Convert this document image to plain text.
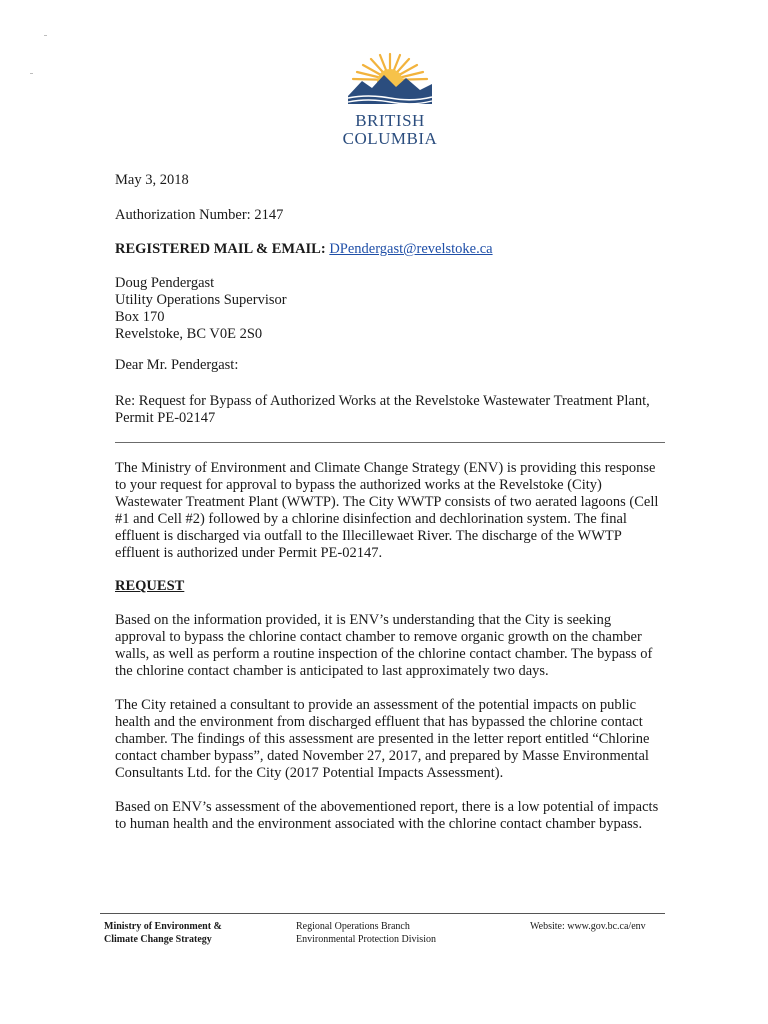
BRITISH
COLUMBIA
May 3, 2018
Authorization Number: 2147
REGISTERED MAIL & EMAIL: DPendergast@revelstoke.ca
Doug Pendergast
Utility Operations Supervisor
Box 170
Revelstoke, BC V0E 2S0
Dear Mr. Pendergast:
Re: Request for Bypass of Authorized Works at the Revelstoke Wastewater Treatment Plant, Permit PE-02147
The Ministry of Environment and Climate Change Strategy (ENV) is providing this response to your request for approval to bypass the authorized works at the Revelstoke (City) Wastewater Treatment Plant (WWTP). The City WWTP consists of two aerated lagoons (Cell #1 and Cell #2) followed by a chlorine disinfection and dechlorination system. The final effluent is discharged via outfall to the Illecillewaet River. The discharge of the WWTP effluent is authorized under Permit PE-02147.
REQUEST
Based on the information provided, it is ENV’s understanding that the City is seeking approval to bypass the chlorine contact chamber to remove organic growth on the chamber walls, as well as perform a routine inspection of the chlorine contact chamber. The bypass of the chlorine contact chamber is anticipated to last approximately two days.
The City retained a consultant to provide an assessment of the potential impacts on public health and the environment from discharged effluent that has bypassed the chlorine contact chamber. The findings of this assessment are presented in the letter report entitled “Chlorine contact chamber bypass”, dated November 27, 2017, and prepared by Masse Environmental Consultants Ltd. for the City (2017 Potential Impacts Assessment).
Based on ENV’s assessment of the abovementioned report, there is a low potential of impacts to human health and the environment associated with the chlorine contact chamber bypass.
Ministry of Environment &
Climate Change Strategy
Regional Operations Branch
Environmental Protection Division
Website: www.gov.bc.ca/env
